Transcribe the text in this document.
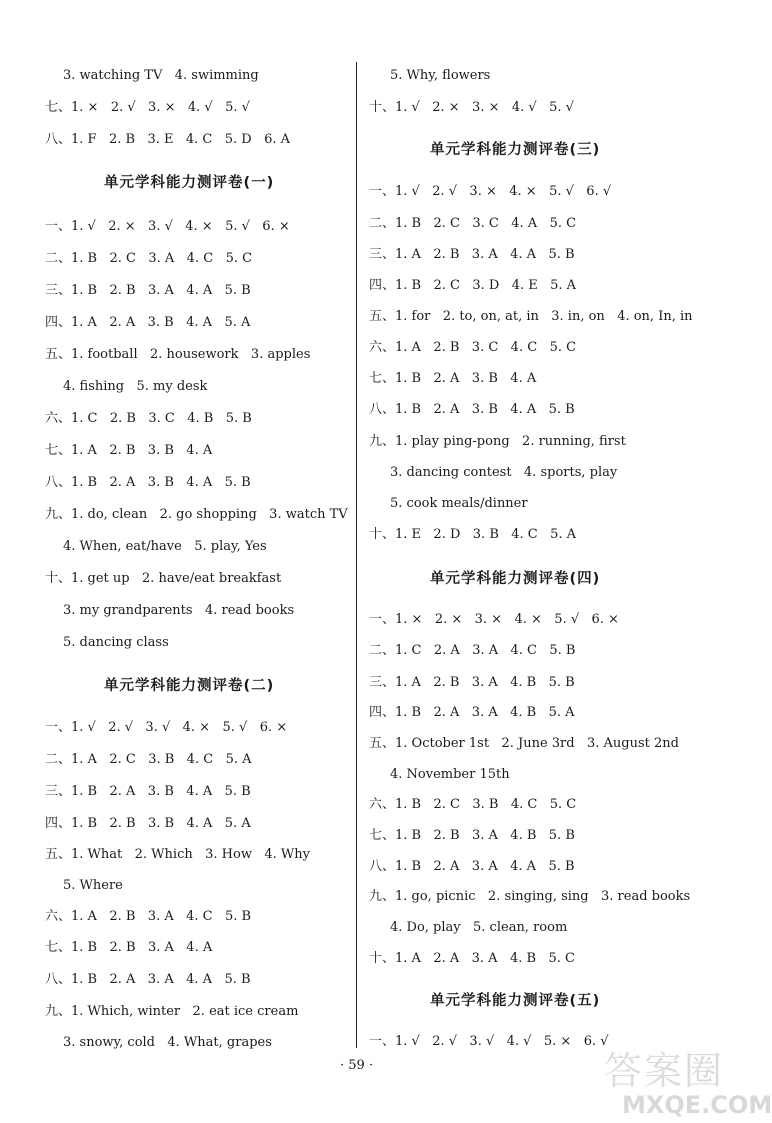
3. watching TV   4. swimming
七、1. ×   2. √   3. ×   4. √   5. √
八、1. F   2. B   3. E   4. C   5. D   6. A
单元学科能力测评卷(一)
一、1. √   2. ×   3. √   4. ×   5. √   6. ×
二、1. B   2. C   3. A   4. C   5. C
三、1. B   2. B   3. A   4. A   5. B
四、1. A   2. A   3. B   4. A   5. A
五、1. football   2. housework   3. apples
4. fishing   5. my desk
六、1. C   2. B   3. C   4. B   5. B
七、1. A   2. B   3. B   4. A
八、1. B   2. A   3. B   4. A   5. B
九、1. do, clean   2. go shopping   3. watch TV
4. When, eat/have   5. play, Yes
十、1. get up   2. have/eat breakfast
3. my grandparents   4. read books
5. dancing class
单元学科能力测评卷(二)
一、1. √   2. √   3. √   4. ×   5. √   6. ×
二、1. A   2. C   3. B   4. C   5. A
三、1. B   2. A   3. B   4. A   5. B
四、1. B   2. B   3. B   4. A   5. A
五、1. What   2. Which   3. How   4. Why
5. Where
六、1. A   2. B   3. A   4. C   5. B
七、1. B   2. B   3. A   4. A
八、1. B   2. A   3. A   4. A   5. B
九、1. Which, winter   2. eat ice cream
3. snowy, cold   4. What, grapes
5. Why, flowers
十、1. √   2. ×   3. ×   4. √   5. √
单元学科能力测评卷(三)
一、1. √   2. √   3. ×   4. ×   5. √   6. √
二、1. B   2. C   3. C   4. A   5. C
三、1. A   2. B   3. A   4. A   5. B
四、1. B   2. C   3. D   4. E   5. A
五、1. for   2. to, on, at, in   3. in, on   4. on, In, in
六、1. A   2. B   3. C   4. C   5. C
七、1. B   2. A   3. B   4. A
八、1. B   2. A   3. B   4. A   5. B
九、1. play ping-pong   2. running, first
3. dancing contest   4. sports, play
5. cook meals/dinner
十、1. E   2. D   3. B   4. C   5. A
单元学科能力测评卷(四)
一、1. ×   2. ×   3. ×   4. ×   5. √   6. ×
二、1. C   2. A   3. A   4. C   5. B
三、1. A   2. B   3. A   4. B   5. B
四、1. B   2. A   3. A   4. B   5. A
五、1. October 1st   2. June 3rd   3. August 2nd
4. November 15th
六、1. B   2. C   3. B   4. C   5. C
七、1. B   2. B   3. A   4. B   5. B
八、1. B   2. A   3. A   4. A   5. B
九、1. go, picnic   2. singing, sing   3. read books
4. Do, play   5. clean, room
十、1. A   2. A   3. A   4. B   5. C
单元学科能力测评卷(五)
一、1. √   2. √   3. √   4. √   5. ×   6. √
· 59 ·	答案圈
MXQE.COM
